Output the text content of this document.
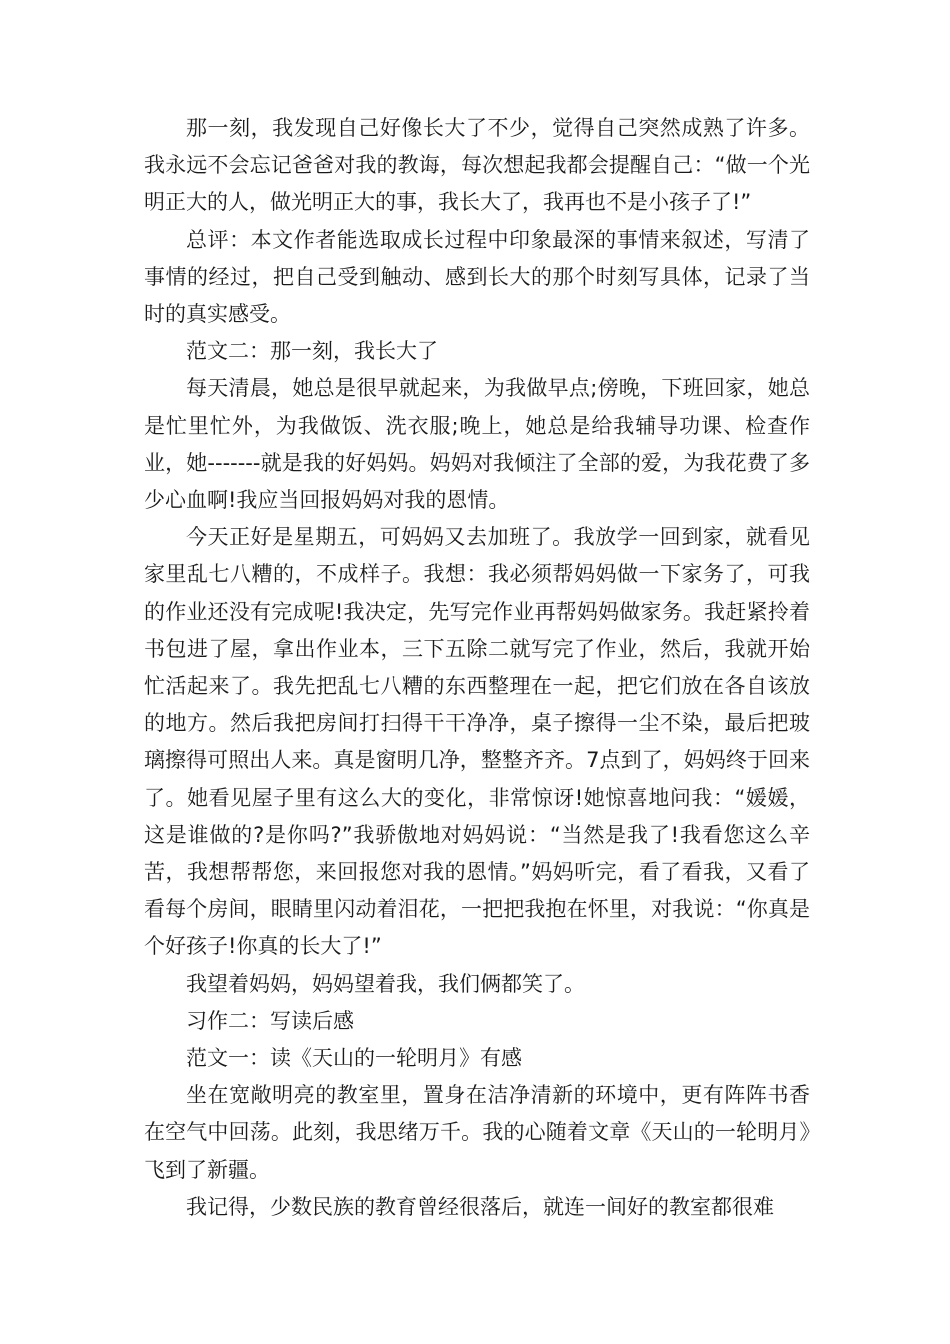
那一刻，我发现自己好像长大了不少，觉得自己突然成熟了许多。我永远不会忘记爸爸对我的教诲，每次想起我都会提醒自己：“做一个光明正大的人，做光明正大的事，我长大了，我再也不是小孩子了!”

总评：本文作者能选取成长过程中印象最深的事情来叙述，写清了事情的经过，把自己受到触动、感到长大的那个时刻写具体，记录了当时的真实感受。

范文二：那一刻，我长大了

每天清晨，她总是很早就起来，为我做早点;傍晚，下班回家，她总是忙里忙外，为我做饭、洗衣服;晚上，她总是给我辅导功课、检查作业，她-------就是我的好妈妈。妈妈对我倾注了全部的爱，为我花费了多少心血啊!我应当回报妈妈对我的恩情。

今天正好是星期五，可妈妈又去加班了。我放学一回到家，就看见家里乱七八糟的，不成样子。我想：我必须帮妈妈做一下家务了，可我的作业还没有完成呢!我决定，先写完作业再帮妈妈做家务。我赶紧拎着书包进了屋，拿出作业本，三下五除二就写完了作业，然后，我就开始忙活起来了。我先把乱七八糟的东西整理在一起，把它们放在各自该放的地方。然后我把房间打扫得干干净净，桌子擦得一尘不染，最后把玻璃擦得可照出人来。真是窗明几净，整整齐齐。7点到了，妈妈终于回来了。她看见屋子里有这么大的变化，非常惊讶!她惊喜地问我：“媛媛，这是谁做的?是你吗?”我骄傲地对妈妈说：“当然是我了!我看您这么辛苦，我想帮帮您，来回报您对我的恩情。”妈妈听完，看了看我，又看了看每个房间，眼睛里闪动着泪花，一把把我抱在怀里，对我说：“你真是个好孩子!你真的长大了!”

我望着妈妈，妈妈望着我，我们俩都笑了。

习作二：写读后感

范文一：读《天山的一轮明月》有感

坐在宽敞明亮的教室里，置身在洁净清新的环境中，更有阵阵书香在空气中回荡。此刻，我思绪万千。我的心随着文章《天山的一轮明月》飞到了新疆。

我记得，少数民族的教育曾经很落后，就连一间好的教室都很难
